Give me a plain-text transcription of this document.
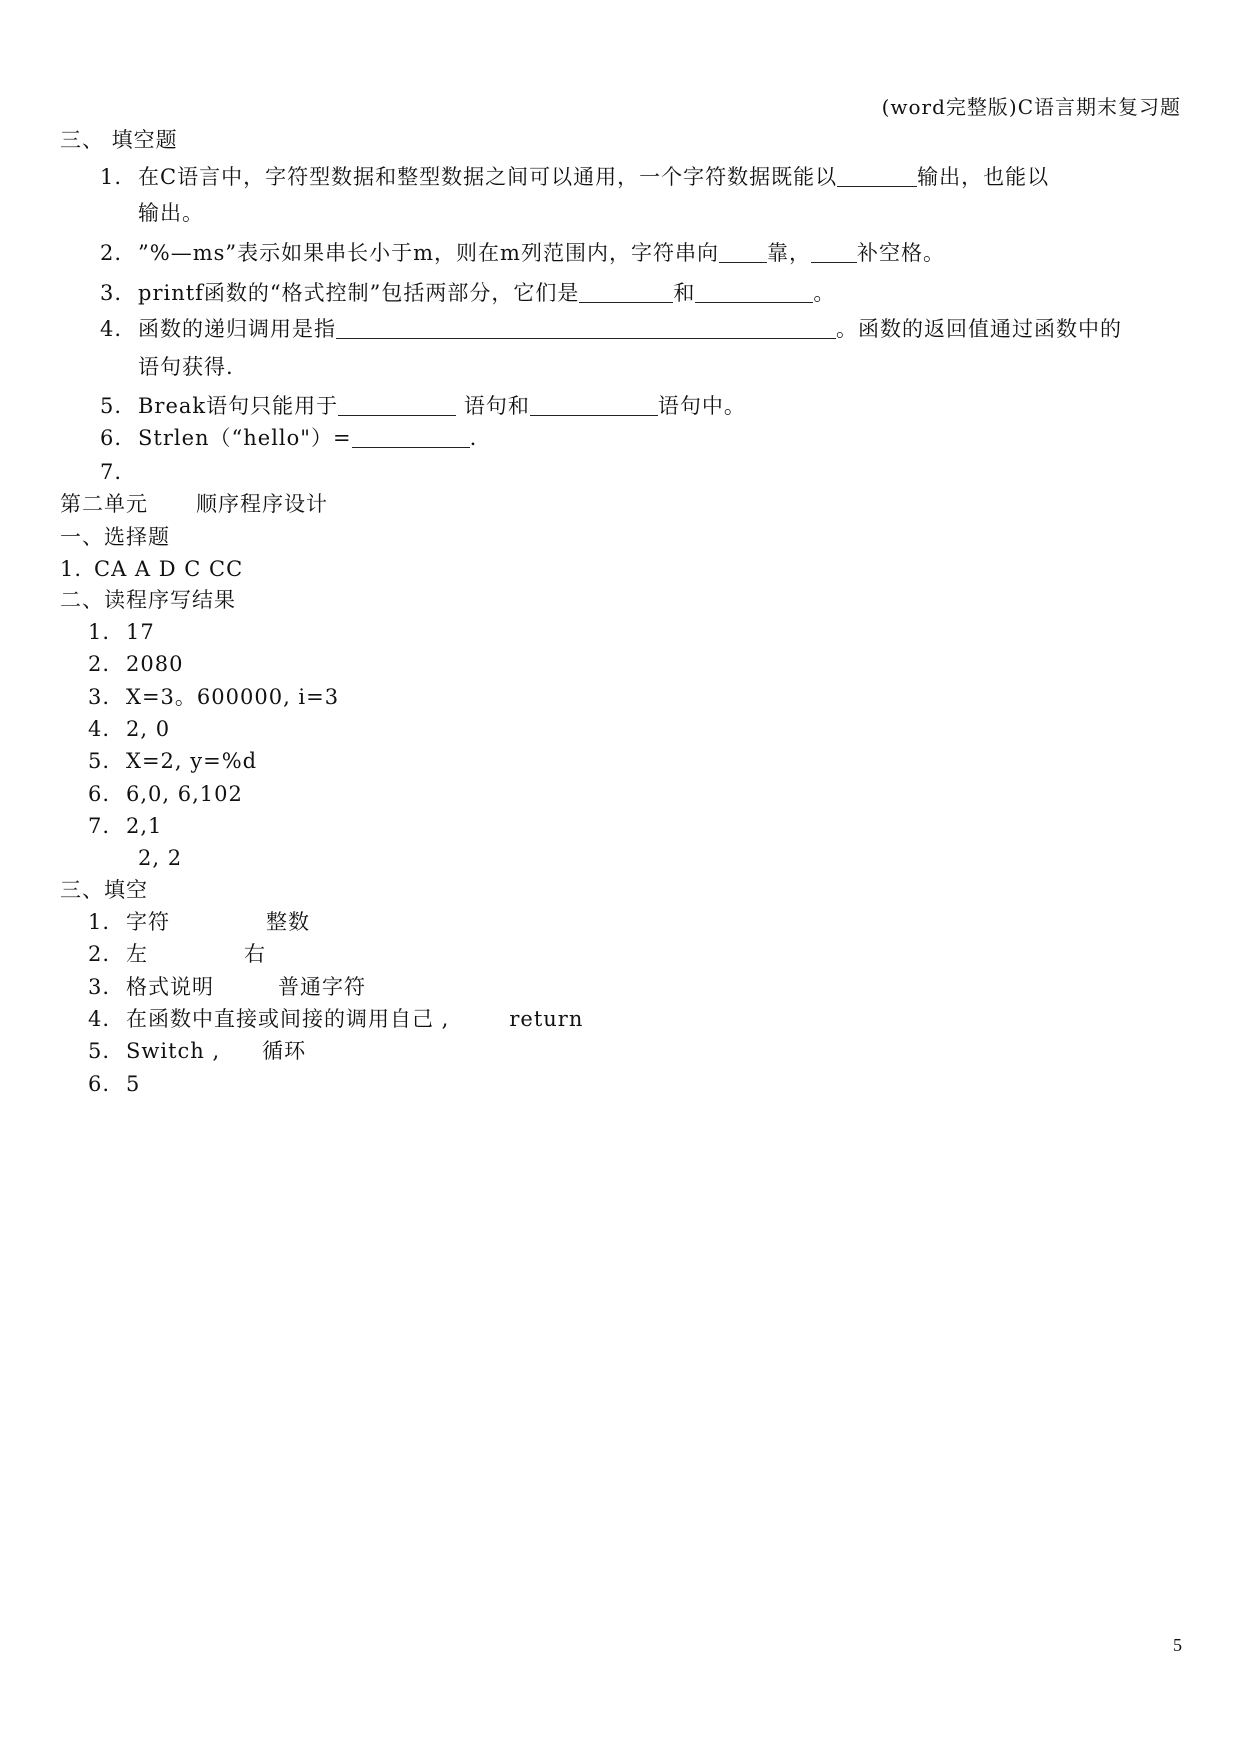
(word完整版)C语言期末复习题
三、 填空题
1. 在C语言中，字符型数据和整型数据之间可以通用，一个字符数据既能以	输出，也能以
输出。
2. ”%—ms”表示如果串长小于m，则在m列范围内，字符串向 靠， 补空格。
3. printf函数的“格式控制”包括两部分，它们是	和	。
4. 函数的递归调用是指	。函数的返回值通过函数中的
语句获得.
5. Break语句只能用于	语句和	语句中。
6. Strlen（“hello"）=	.
7.
第二单元 顺序程序设计
一、选择题
1. CA A D C CC
二、读程序写结果
1. 17
2. 2080
3. X=3。600000, i=3
4. 2, 0
5. X=2, y=%d
6. 6,0, 6,102
7. 2,1
2, 2
三、填空
1. 字符	整数
2. 左	右
3. 格式说明	普通字符
4. 在函数中直接或间接的调用自己 ,	return
5. Switch , 循环
6. 5
5
